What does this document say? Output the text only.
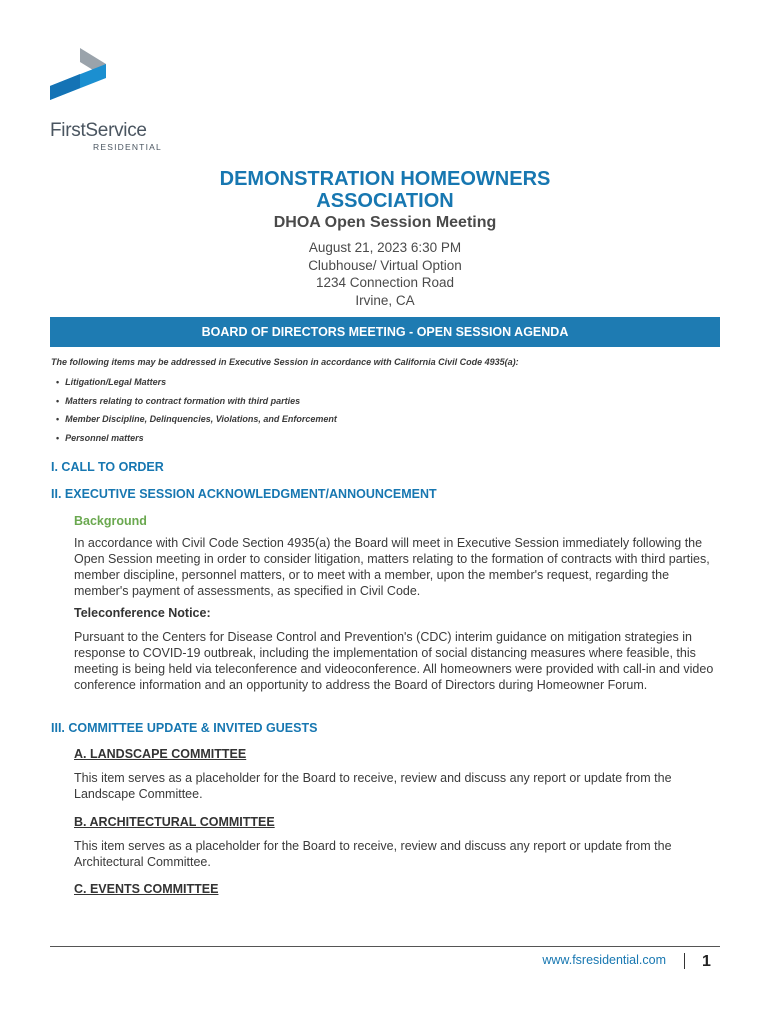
FirstService
RESIDENTIAL
DEMONSTRATION HOMEOWNERS
ASSOCIATION
DHOA Open Session Meeting
August 21, 2023 6:30 PM
Clubhouse/ Virtual Option
1234 Connection Road
Irvine, CA
BOARD OF DIRECTORS MEETING - OPEN SESSION AGENDA
The following items may be addressed in Executive Session in accordance with California Civil Code 4935(a):
• Litigation/Legal Matters
• Matters relating to contract formation with third parties
• Member Discipline, Delinquencies, Violations, and Enforcement
• Personnel matters
I. CALL TO ORDER
II. EXECUTIVE SESSION ACKNOWLEDGMENT/ANNOUNCEMENT
Background

In accordance with Civil Code Section 4935(a) the Board will meet in Executive Session immediately following the Open Session meeting in order to consider litigation, matters relating to the formation of contracts with third parties, member discipline, personnel matters, or to meet with a member, upon the member's request, regarding the member's payment of assessments, as specified in Civil Code.

Teleconference Notice:

Pursuant to the Centers for Disease Control and Prevention's (CDC) interim guidance on mitigation strategies in response to COVID-19 outbreak, including the implementation of social distancing measures where feasible, this meeting is being held via teleconference and videoconference. All homeowners were provided with call-in and video conference information and an opportunity to address the Board of Directors during Homeowner Forum.

III. COMMITTEE UPDATE & INVITED GUESTS
A. LANDSCAPE COMMITTEE

This item serves as a placeholder for the Board to receive, review and discuss any report or update from the Landscape Committee.

B. ARCHITECTURAL COMMITTEE

This item serves as a placeholder for the Board to receive, review and discuss any report or update from the Architectural Committee.

C. EVENTS COMMITTEE
www.fsresidential.com 1
